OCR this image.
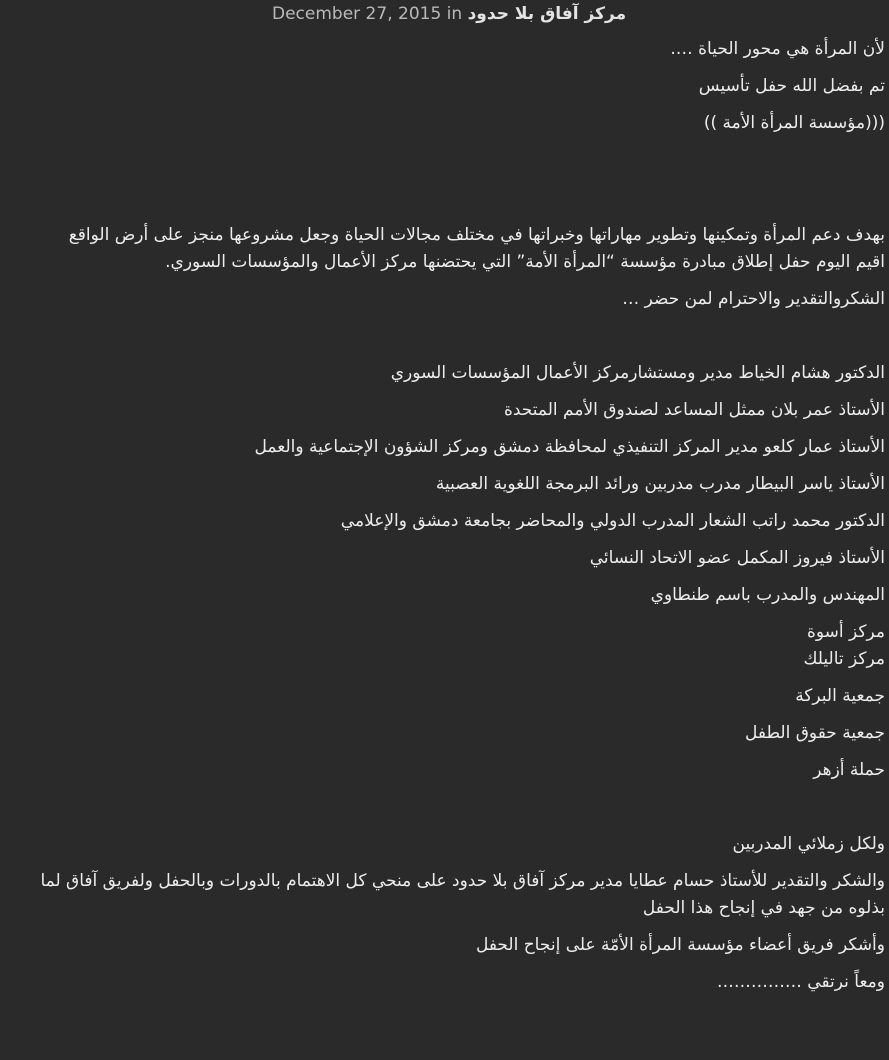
December 27, 2015 in مركز آفاق بلا حدود

لأن المرأة هي محور الحياة ….

تم بفضل الله حفل تأسيس

(((مؤسسة المرأة الأمة ))

بهدف دعم المرأة وتمكينها وتطوير مهاراتها وخبراتها في مختلف مجالات الحياة وجعل مشروعها منجز على أرض الواقع اقيم اليوم حفل إطلاق مبادرة مؤسسة “المرأة الأمة” التي يحتضنها مركز الأعمال والمؤسسات السوري.

الشكروالتقدير والاحترام لمن حضر …

الدكتور هشام الخياط مدير ومستشارمركز الأعمال المؤسسات السوري

الأستاذ عمر بلان ممثل المساعد لصندوق الأمم المتحدة

الأستاذ عمار كلعو مدير المركز التنفيذي لمحافظة دمشق ومركز الشؤون الإجتماعية والعمل

الأستاذ ياسر البيطار مدرب مدربين ورائد البرمجة اللغوية العصبية

الدكتور محمد راتب الشعار المدرب الدولي والمحاضر بجامعة دمشق والإعلامي

الأستاذ فيروز المكمل عضو الاتحاد النسائي

المهندس والمدرب باسم طنطاوي

مركز أسوة
مركز تاليلك

جمعية البركة

جمعية حقوق الطفل

حملة أزهر

ولكل زملائي المدربين

والشكر والتقدير للأستاذ حسام عطايا مدير مركز آفاق بلا حدود على منحي كل الاهتمام بالدورات وبالحفل ولفريق آفاق لما بذلوه من جهد في إنجاح هذا الحفل

وأشكر فريق أعضاء مؤسسة المرأة الأمّة على إنجاح الحفل

ومعاً نرتقي ……………
